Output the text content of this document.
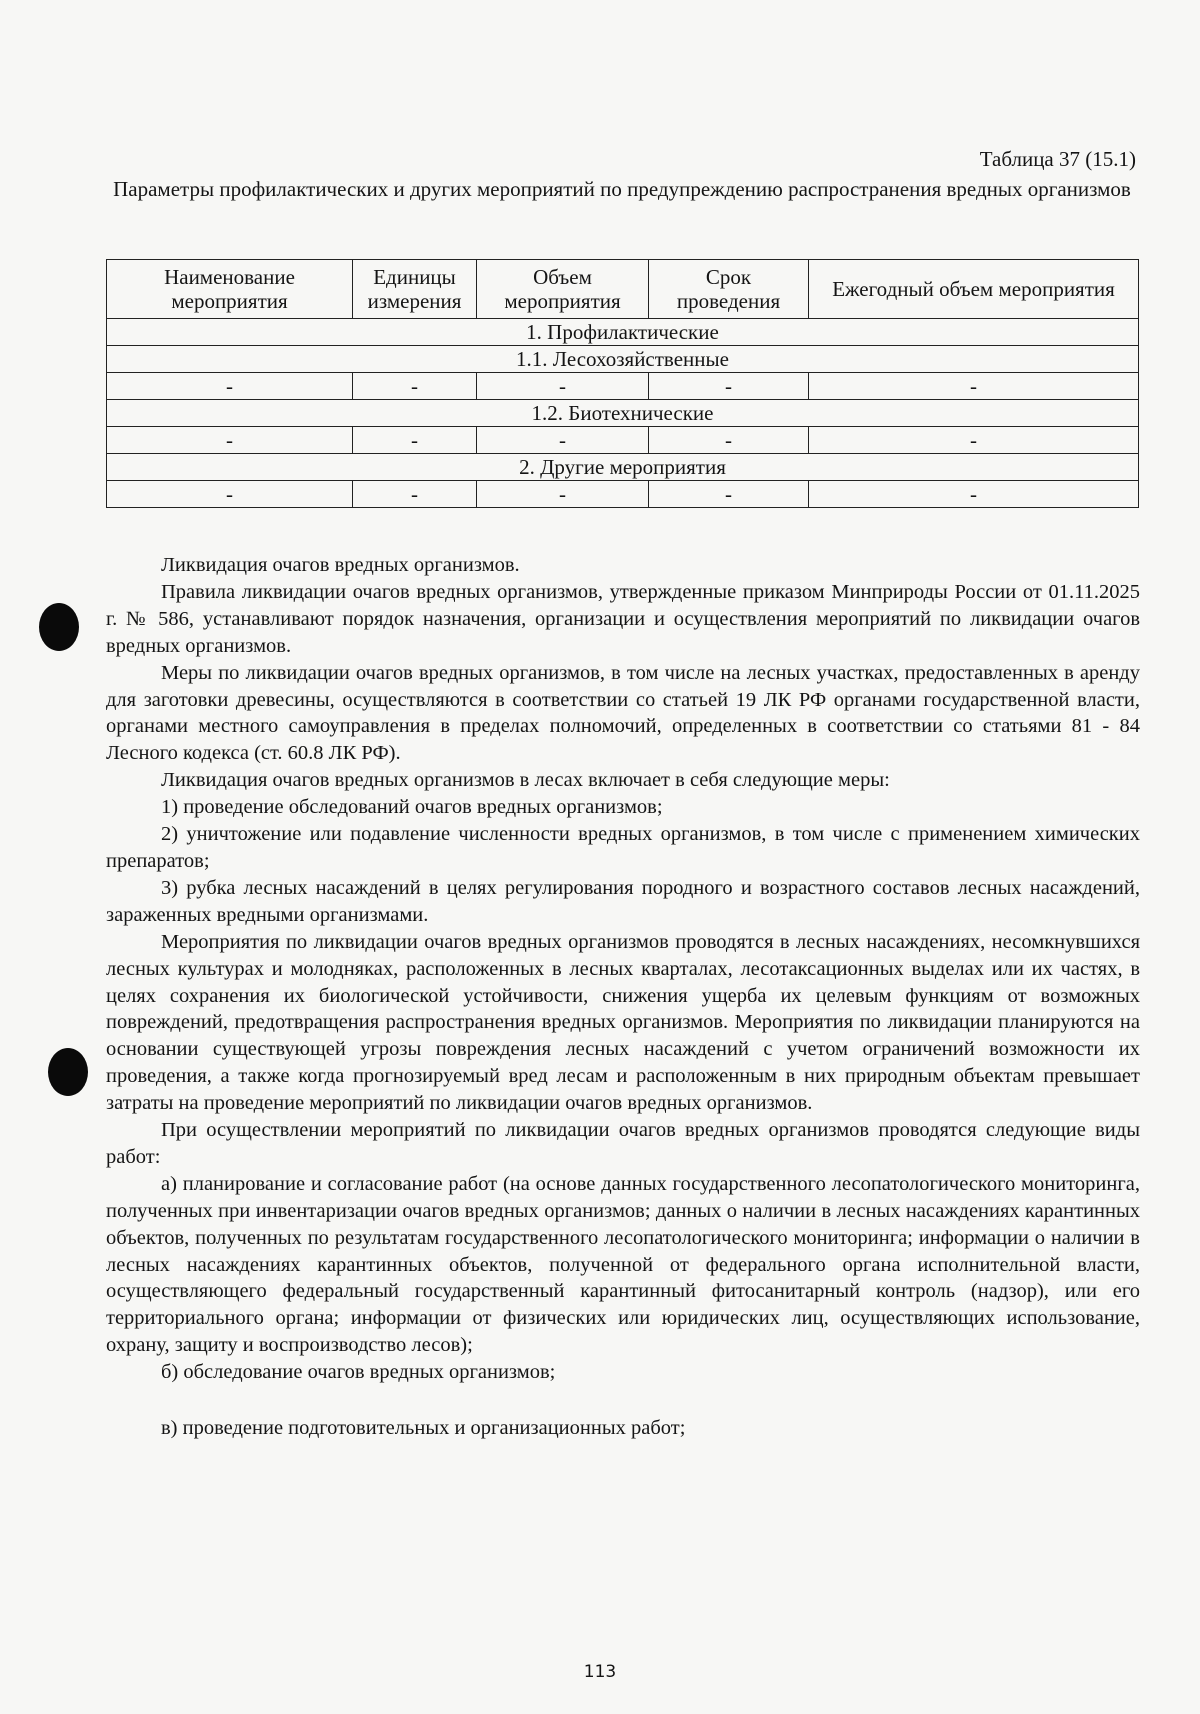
Таблица 37 (15.1)
Параметры профилактических и других мероприятий по предупреждению распространения вредных организмов
Наименование мероприятия	Единицы измерения	Объем мероприятия	Срок проведения	Ежегодный объем мероприятия
1. Профилактические				
1.1. Лесохозяйственные				
-	-	-	-	-
1.2. Биотехнические				
-	-	-	-	-
2. Другие мероприятия				
-	-	-	-	-

Ликвидация очагов вредных организмов.

Правила ликвидации очагов вредных организмов, утвержденные приказом Минприроды России от 01.11.2025 г. № 586, устанавливают порядок назначения, организации и осуществления мероприятий по ликвидации очагов вредных организмов.

Меры по ликвидации очагов вредных организмов, в том числе на лесных участках, предоставленных в аренду для заготовки древесины, осуществляются в соответствии со статьей 19 ЛК РФ органами государственной власти, органами местного самоуправления в пределах полномочий, определенных в соответствии со статьями 81 - 84 Лесного кодекса (ст. 60.8 ЛК РФ).

Ликвидация очагов вредных организмов в лесах включает в себя следующие меры:

1) проведение обследований очагов вредных организмов;

2) уничтожение или подавление численности вредных организмов, в том числе с применением химических препаратов;

3) рубка лесных насаждений в целях регулирования породного и возрастного составов лесных насаждений, зараженных вредными организмами.

Мероприятия по ликвидации очагов вредных организмов проводятся в лесных насаждениях, несомкнувшихся лесных культурах и молодняках, расположенных в лесных кварталах, лесотаксационных выделах или их частях, в целях сохранения их биологической устойчивости, снижения ущерба их целевым функциям от возможных повреждений, предотвращения распространения вредных организмов. Мероприятия по ликвидации планируются на основании существующей угрозы повреждения лесных насаждений с учетом ограничений возможности их проведения, а также когда прогнозируемый вред лесам и расположенным в них природным объектам превышает затраты на проведение мероприятий по ликвидации очагов вредных организмов.

При осуществлении мероприятий по ликвидации очагов вредных организмов проводятся следующие виды работ:

а) планирование и согласование работ (на основе данных государственного лесопатологического мониторинга, полученных при инвентаризации очагов вредных организмов; данных о наличии в лесных насаждениях карантинных объектов, полученных по результатам государственного лесопатологического мониторинга; информации о наличии в лесных насаждениях карантинных объектов, полученной от федерального органа исполнительной власти, осуществляющего федеральный государственный карантинный фитосанитарный контроль (надзор), или его территориального органа; информации от физических или юридических лиц, осуществляющих использование, охрану, защиту и воспроизводство лесов);

б) обследование очагов вредных организмов;

в) проведение подготовительных и организационных работ;

113
